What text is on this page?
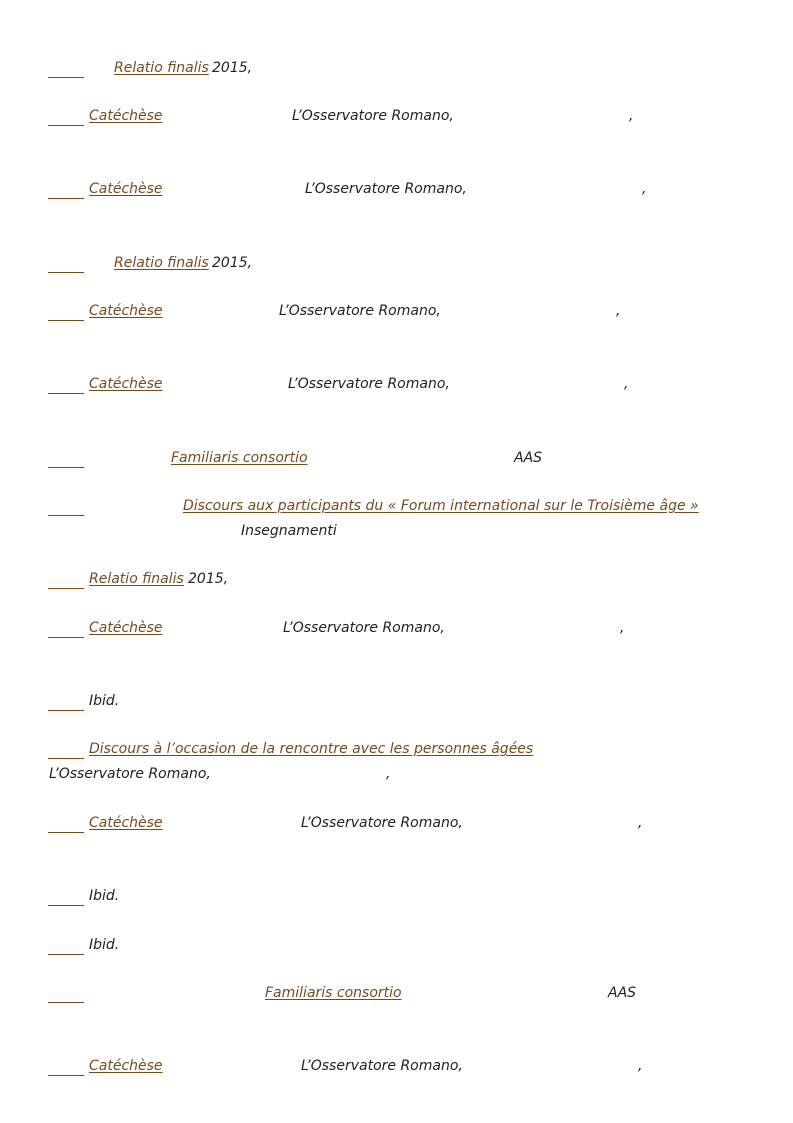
Relatio finalis 2015,
Catéchèse	L’Osservatore Romano,	,
Catéchèse	L’Osservatore Romano,	,
Relatio finalis 2015,
Catéchèse	L’Osservatore Romano,	,
Catéchèse	L’Osservatore Romano,	,
Familiaris consortio	AAS
Discours aux participants du « Forum international sur le Troisième âge »
Insegnamenti
Relatio finalis 2015,
Catéchèse	L’Osservatore Romano,	,
Ibid.
Discours à l’occasion de la rencontre avec les personnes âgées
L’Osservatore Romano,	,
Catéchèse	L’Osservatore Romano,	,
Ibid.
Ibid.
Familiaris consortio	AAS
Catéchèse	L’Osservatore Romano,	,
